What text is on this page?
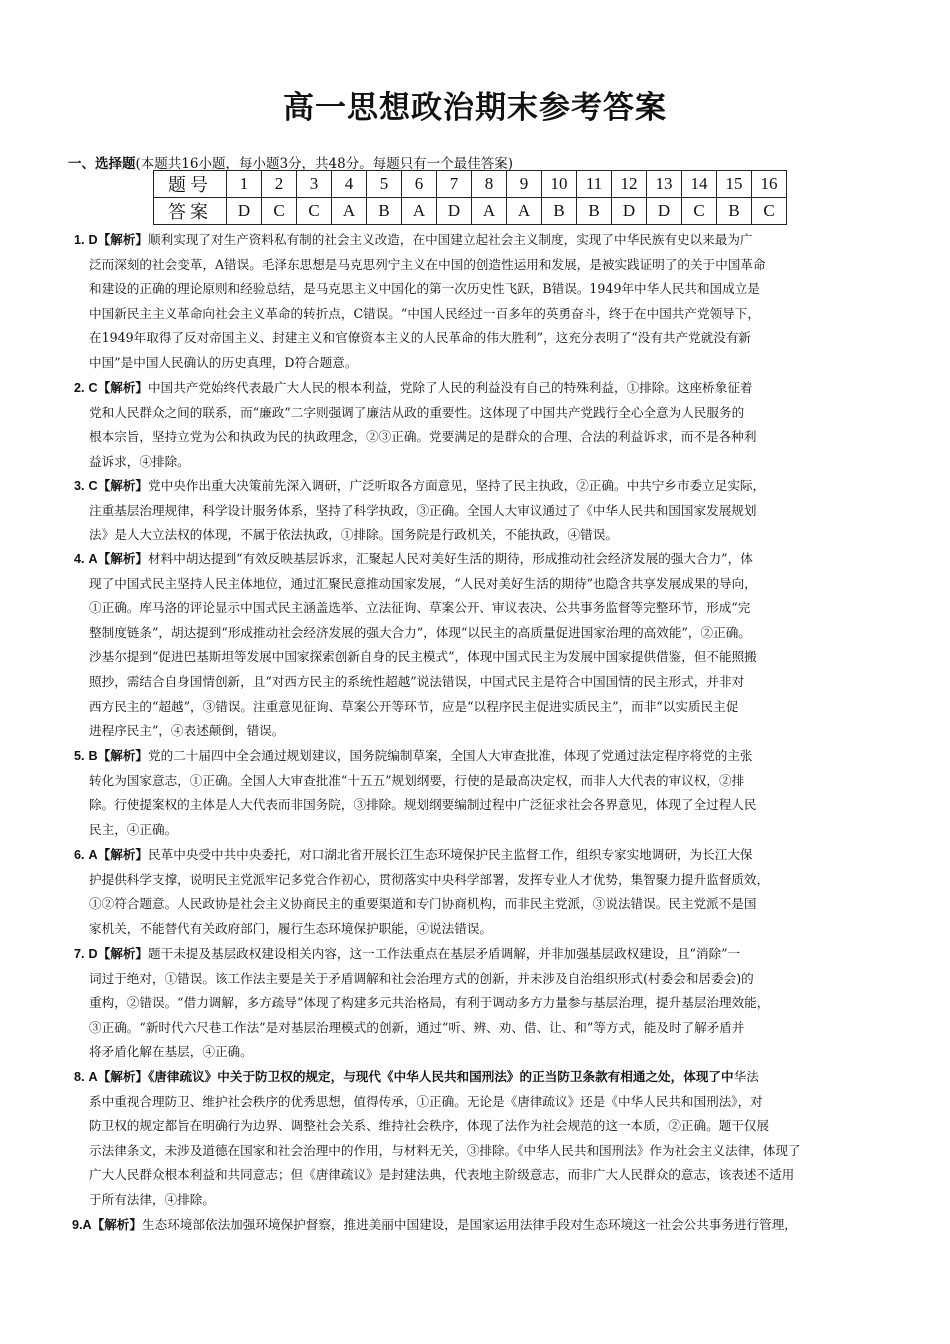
高一思想政治期末参考答案
一、选择题(本题共16小题，每小题3分，共48分。每题只有一个最佳答案)
题号	1	2	3	4	5	6	7	8	9	10	11	12	13	14	15	16
答案	D	C	C	A	B	A	D	A	A	B	B	D	D	C	B	C
1. D【解析】顺利实现了对生产资料私有制的社会主义改造，在中国建立起社会主义制度，实现了中华民族有史以来最为广
泛而深刻的社会变革，A错误。毛泽东思想是马克思列宁主义在中国的创造性运用和发展，是被实践证明了的关于中国革命
和建设的正确的理论原则和经验总结，是马克思主义中国化的第一次历史性飞跃，B错误。1949年中华人民共和国成立是
中国新民主主义革命向社会主义革命的转折点，C错误。“中国人民经过一百多年的英勇奋斗，终于在中国共产党领导下，
在1949年取得了反对帝国主义、封建主义和官僚资本主义的人民革命的伟大胜利”，这充分表明了“没有共产党就没有新
中国”是中国人民确认的历史真理，D符合题意。
2. C【解析】中国共产党始终代表最广大人民的根本利益，党除了人民的利益没有自己的特殊利益，①排除。这座桥象征着
党和人民群众之间的联系，而“廉政”二字则强调了廉洁从政的重要性。这体现了中国共产党践行全心全意为人民服务的
根本宗旨，坚持立党为公和执政为民的执政理念，②③正确。党要满足的是群众的合理、合法的利益诉求，而不是各种利
益诉求，④排除。
3. C【解析】党中央作出重大决策前先深入调研，广泛听取各方面意见，坚持了民主执政，②正确。中共宁乡市委立足实际，
注重基层治理规律，科学设计服务体系，坚持了科学执政，③正确。全国人大审议通过了《中华人民共和国国家发展规划
法》是人大立法权的体现，不属于依法执政，①排除。国务院是行政机关，不能执政，④错误。
4. A【解析】材料中胡达提到“有效反映基层诉求，汇聚起人民对美好生活的期待，形成推动社会经济发展的强大合力”，体
现了中国式民主坚持人民主体地位，通过汇聚民意推动国家发展，“人民对美好生活的期待”也隐含共享发展成果的导向，
①正确。库马洛的评论显示中国式民主涵盖选举、立法征询、草案公开、审议表决、公共事务监督等完整环节，形成“完
整制度链条”，胡达提到“形成推动社会经济发展的强大合力”，体现“以民主的高质量促进国家治理的高效能”，②正确。
沙基尔提到“促进巴基斯坦等发展中国家探索创新自身的民主模式”，体现中国式民主为发展中国家提供借鉴，但不能照搬
照抄，需结合自身国情创新，且“对西方民主的系统性超越”说法错误，中国式民主是符合中国国情的民主形式，并非对
西方民主的“超越”，③错误。注重意见征询、草案公开等环节，应是“以程序民主促进实质民主”，而非“以实质民主促
进程序民主”，④表述颠倒，错误。
5. B【解析】党的二十届四中全会通过规划建议，国务院编制草案，全国人大审查批准，体现了党通过法定程序将党的主张
转化为国家意志，①正确。全国人大审查批准“十五五”规划纲要，行使的是最高决定权，而非人大代表的审议权，②排
除。行使提案权的主体是人大代表而非国务院，③排除。规划纲要编制过程中广泛征求社会各界意见，体现了全过程人民
民主，④正确。
6. A【解析】民革中央受中共中央委托，对口湖北省开展长江生态环境保护民主监督工作，组织专家实地调研，为长江大保
护提供科学支撑，说明民主党派牢记多党合作初心，贯彻落实中央科学部署，发挥专业人才优势，集智聚力提升监督质效，
①②符合题意。人民政协是社会主义协商民主的重要渠道和专门协商机构，而非民主党派，③说法错误。民主党派不是国
家机关，不能替代有关政府部门，履行生态环境保护职能，④说法错误。
7. D【解析】题干未提及基层政权建设相关内容，这一工作法重点在基层矛盾调解，并非加强基层政权建设，且“消除”一
词过于绝对，①错误。该工作法主要是关于矛盾调解和社会治理方式的创新，并未涉及自治组织形式(村委会和居委会)的
重构，②错误。“借力调解，多方疏导”体现了构建多元共治格局，有利于调动多方力量参与基层治理，提升基层治理效能，
③正确。“新时代六尺巷工作法”是对基层治理模式的创新，通过“听、辨、劝、借、让、和”等方式，能及时了解矛盾并
将矛盾化解在基层，④正确。
8. A【解析】《唐律疏议》中关于防卫权的规定，与现代《中华人民共和国刑法》的正当防卫条款有相通之处，体现了中华法
系中重视合理防卫、维护社会秩序的优秀思想，值得传承，①正确。无论是《唐律疏议》还是《中华人民共和国刑法》，对
防卫权的规定都旨在明确行为边界、调整社会关系、维持社会秩序，体现了法作为社会规范的这一本质，②正确。题干仅展
示法律条文，未涉及道德在国家和社会治理中的作用，与材料无关，③排除。《中华人民共和国刑法》作为社会主义法律，体现了
广大人民群众根本利益和共同意志；但《唐律疏议》是封建法典，代表地主阶级意志，而非广大人民群众的意志，该表述不适用
于所有法律，④排除。
9.A【解析】生态环境部依法加强环境保护督察，推进美丽中国建设，是国家运用法律手段对生态环境这一社会公共事务进行管理，
